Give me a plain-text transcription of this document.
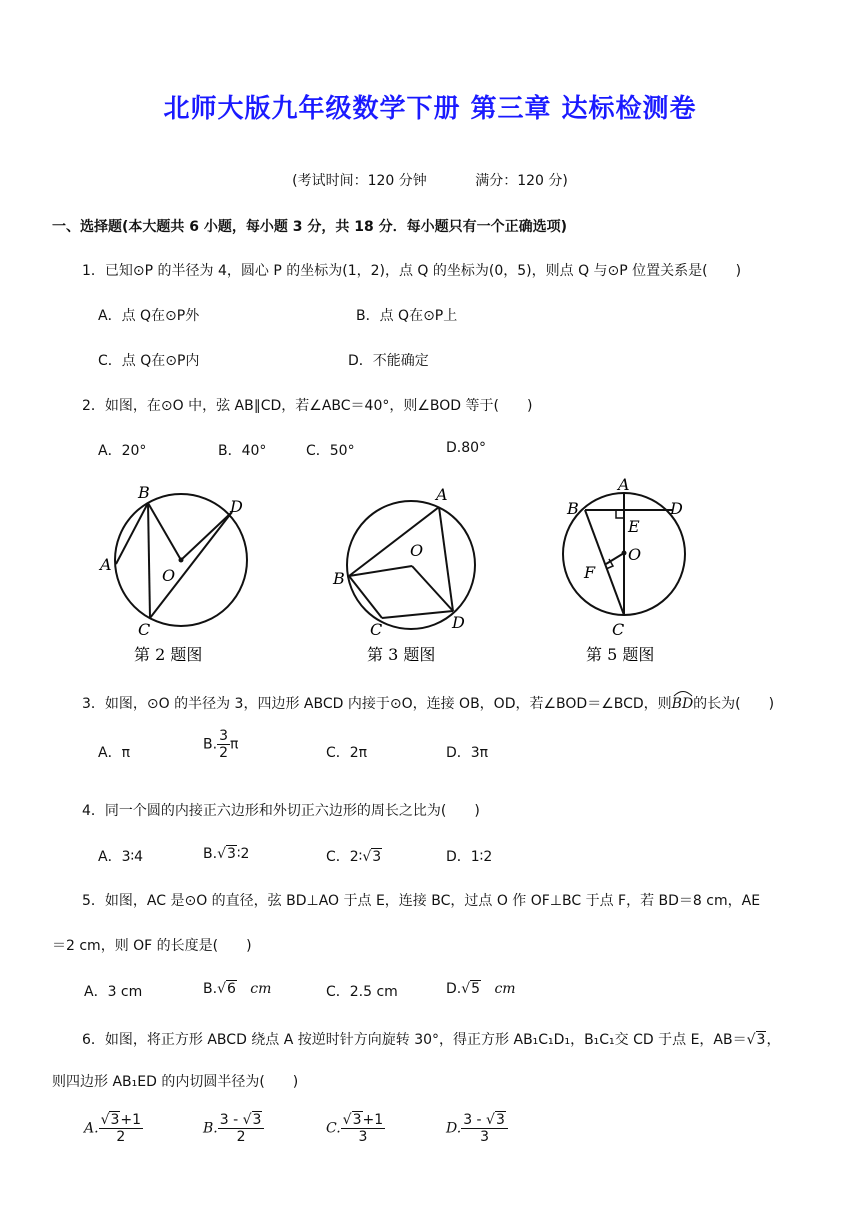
北师大版九年级数学下册 第三章 达标检测卷
(考试时间：120 分钟	满分：120 分)
一、选择题(本大题共 6 小题，每小题 3 分，共 18 分．每小题只有一个正确选项)
1．已知⊙P 的半径为 4，圆心 P 的坐标为(1，2)，点 Q 的坐标为(0，5)，则点 Q 与⊙P 位置关系是(　　)
A．点 Q在⊙P外	B．点 Q在⊙P上
C．点 Q在⊙P内	D．不能确定
2．如图，在⊙O 中，弦 AB∥CD，若∠ABC＝40°，则∠BOD 等于(　　)
A．20°	B．40°	C．50°	D.80°
B
D
A
O
C
第 2 题图
A
O
B
C	D
第 3 题图
A
B	D
E
O
F
C
第 5 题图
3．如图，⊙O 的半径为 3，四边形 ABCD 内接于⊙O，连接 OB，OD，若∠BOD＝∠BCD，则
BD的长为(　　)
A．π
B. $\frac{3}{2}$ π
C．2π	D．3π
4．同一个圆的内接正六边形和外切正六边形的周长之比为(　　)
A．3∶4	B.√3∶2	C．2∶√3	D．1∶2
5．如图，AC 是⊙O 的直径，弦 BD⊥AO 于点 E，连接 BC，过点 O 作 OF⊥BC 于点 F，若 BD＝8 cm，AE
＝2 cm，则 OF 的长度是(　　)
A．3 cm	B.√6 cm	C．2.5 cm	D.√5 cm
6．如图，将正方形 ABCD 绕点 A 按逆时针方向旋转 30°，得正方形 AB₁C₁D₁，B₁C₁交 CD 于点 E，AB＝√3，
则四边形 AB₁ED 的内切圆半径为(　　)
A. $\frac{√3+1}{2}$	B. $\frac{3 - √3}{2}$	C. $\frac{√3+1}{3}$	D. $\frac{3 - √3}{3}$
